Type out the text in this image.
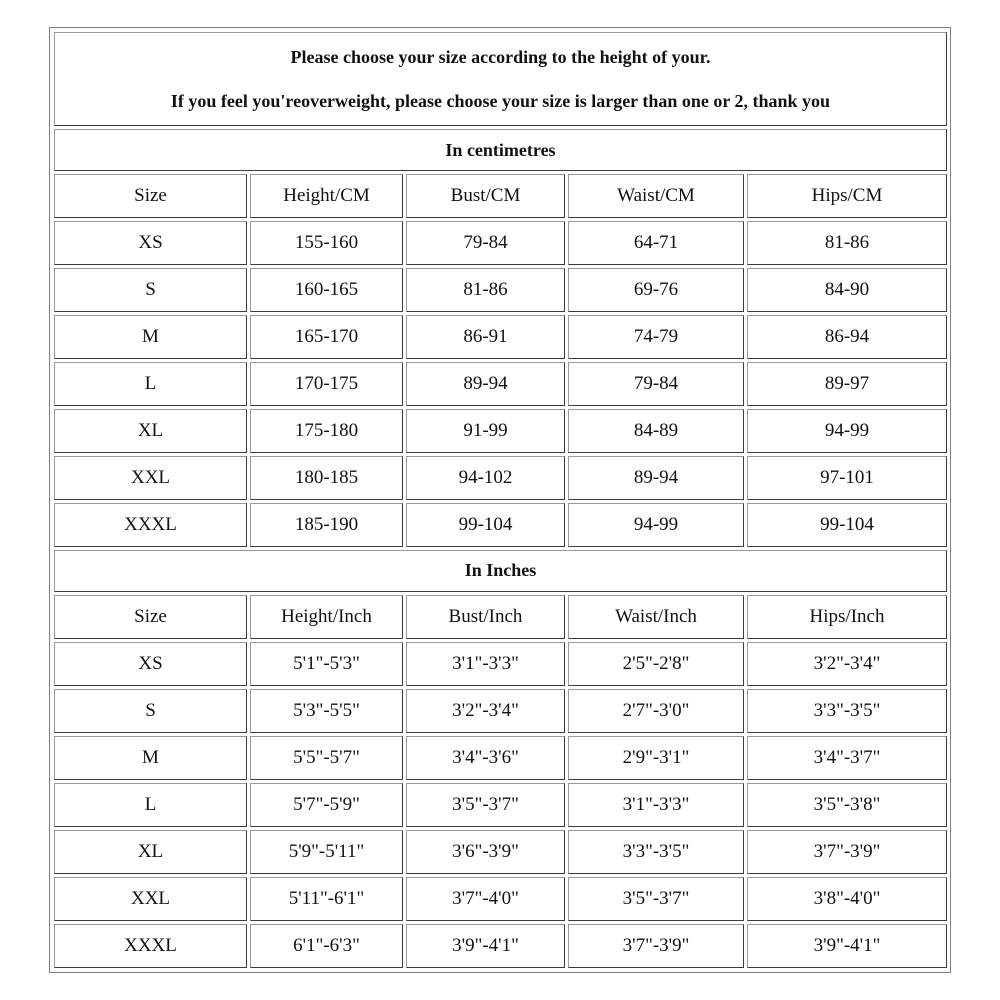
Please choose your size according to the height of your.
If you feel you'reoverweight, please choose your size is larger than one or 2, thank you				

In centimetres				
Size	Height/CM	Bust/CM	Waist/CM	Hips/CM
XS	155-160	79-84	64-71	81-86
S	160-165	81-86	69-76	84-90
M	165-170	86-91	74-79	86-94
L	170-175	89-94	79-84	89-97
XL	175-180	91-99	84-89	94-99
XXL	180-185	94-102	89-94	97-101
XXXL	185-190	99-104	94-99	99-104
In Inches				
Size	Height/Inch	Bust/Inch	Waist/Inch	Hips/Inch
XS	5'1"-5'3"	3'1"-3'3"	2'5"-2'8"	3'2"-3'4"
S	5'3"-5'5"	3'2"-3'4"	2'7"-3'0"	3'3"-3'5"
M	5'5"-5'7"	3'4"-3'6"	2'9"-3'1"	3'4"-3'7"
L	5'7"-5'9"	3'5"-3'7"	3'1"-3'3"	3'5"-3'8"
XL	5'9"-5'11"	3'6"-3'9"	3'3"-3'5"	3'7"-3'9"
XXL	5'11"-6'1"	3'7"-4'0"	3'5"-3'7"	3'8"-4'0"
XXXL	6'1"-6'3"	3'9"-4'1"	3'7"-3'9"	3'9"-4'1"
